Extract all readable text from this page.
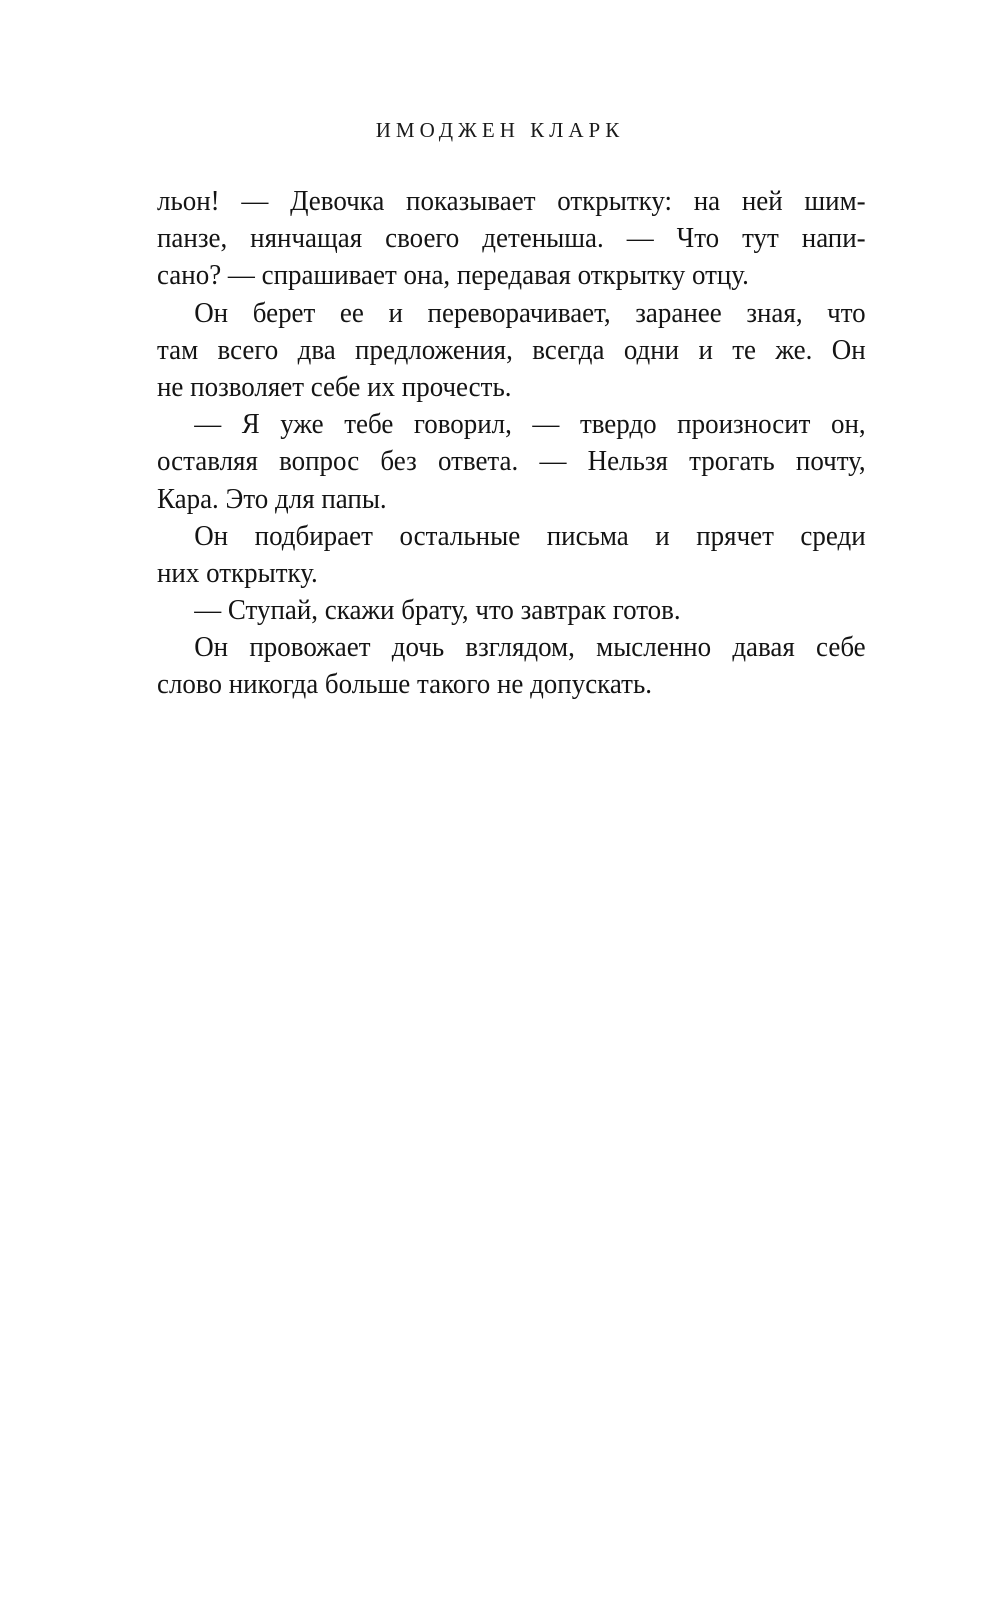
ИМОДЖЕН КЛАРК
льон! — Девочка показывает открытку: на ней шим-
панзе, нянчащая своего детеныша. — Что тут напи-
сано? — спрашивает она, передавая открытку отцу.
Он берет ее и переворачивает, заранее зная, что
там всего два предложения, всегда одни и те же. Он
не позволяет себе их прочесть.
— Я уже тебе говорил, — твердо произносит он,
оставляя вопрос без ответа. — Нельзя трогать почту,
Кара. Это для папы.
Он подбирает остальные письма и прячет среди
них открытку.
— Ступай, скажи брату, что завтрак готов.
Он провожает дочь взглядом, мысленно давая себе
слово никогда больше такого не допускать.
